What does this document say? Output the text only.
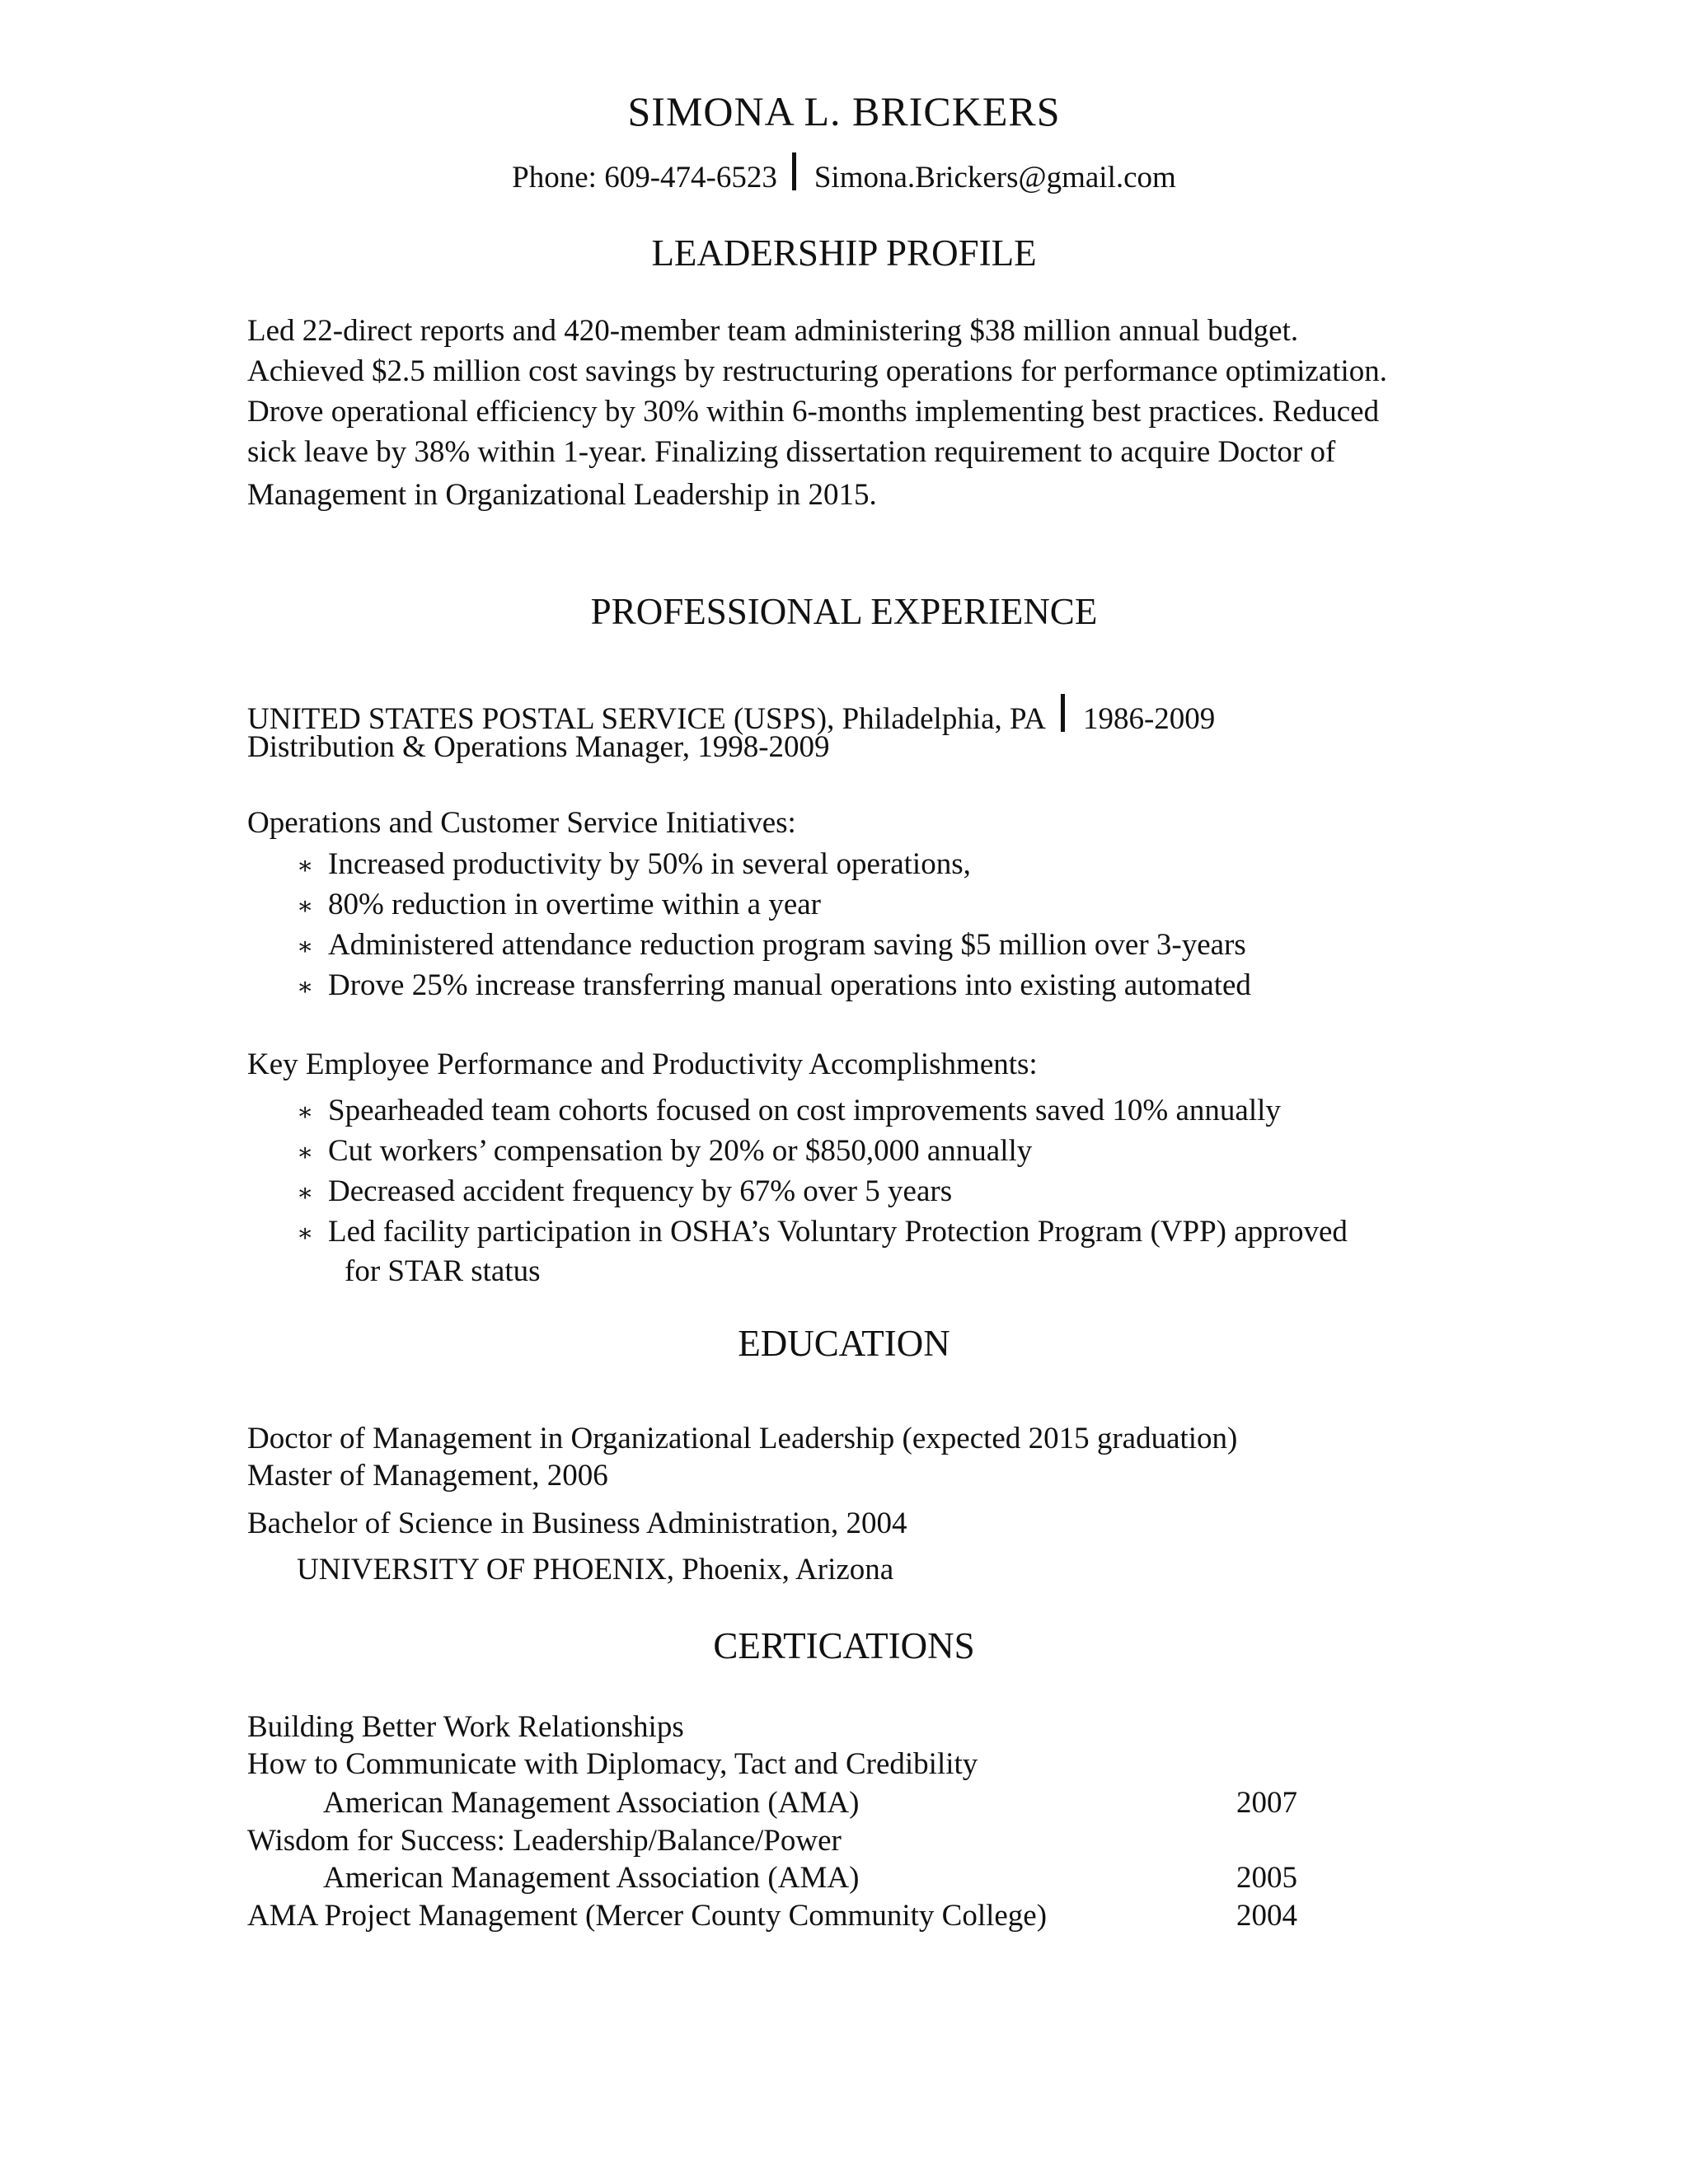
SIMONA L. BRICKERS
Phone: 609-474-6523 Simona.Brickers@gmail.com
LEADERSHIP PROFILE
Led 22-direct reports and 420-member team administering $38 million annual budget.
Achieved $2.5 million cost savings by restructuring operations for performance optimization.
Drove operational efficiency by 30% within 6-months implementing best practices. Reduced
sick leave by 38% within 1-year. Finalizing dissertation requirement to acquire Doctor of
Management in Organizational Leadership in 2015.
PROFESSIONAL EXPERIENCE
UNITED STATES POSTAL SERVICE (USPS), Philadelphia, PA 1986-2009
Distribution & Operations Manager, 1998-2009
Operations and Customer Service Initiatives:
∗ Increased productivity by 50% in several operations,
∗ 80% reduction in overtime within a year
∗ Administered attendance reduction program saving $5 million over 3-years
∗ Drove 25% increase transferring manual operations into existing automated
Key Employee Performance and Productivity Accomplishments:
∗ Spearheaded team cohorts focused on cost improvements saved 10% annually
∗ Cut workers’ compensation by 20% or $850,000 annually
∗ Decreased accident frequency by 67% over 5 years
∗ Led facility participation in OSHA’s Voluntary Protection Program (VPP) approved
for STAR status
EDUCATION
Doctor of Management in Organizational Leadership (expected 2015 graduation)
Master of Management, 2006
Bachelor of Science in Business Administration, 2004
UNIVERSITY OF PHOENIX, Phoenix, Arizona
CERTICATIONS
Building Better Work Relationships
How to Communicate with Diplomacy, Tact and Credibility
American Management Association (AMA)	2007
Wisdom for Success: Leadership/Balance/Power
American Management Association (AMA)	2005
AMA Project Management (Mercer County Community College)	2004
